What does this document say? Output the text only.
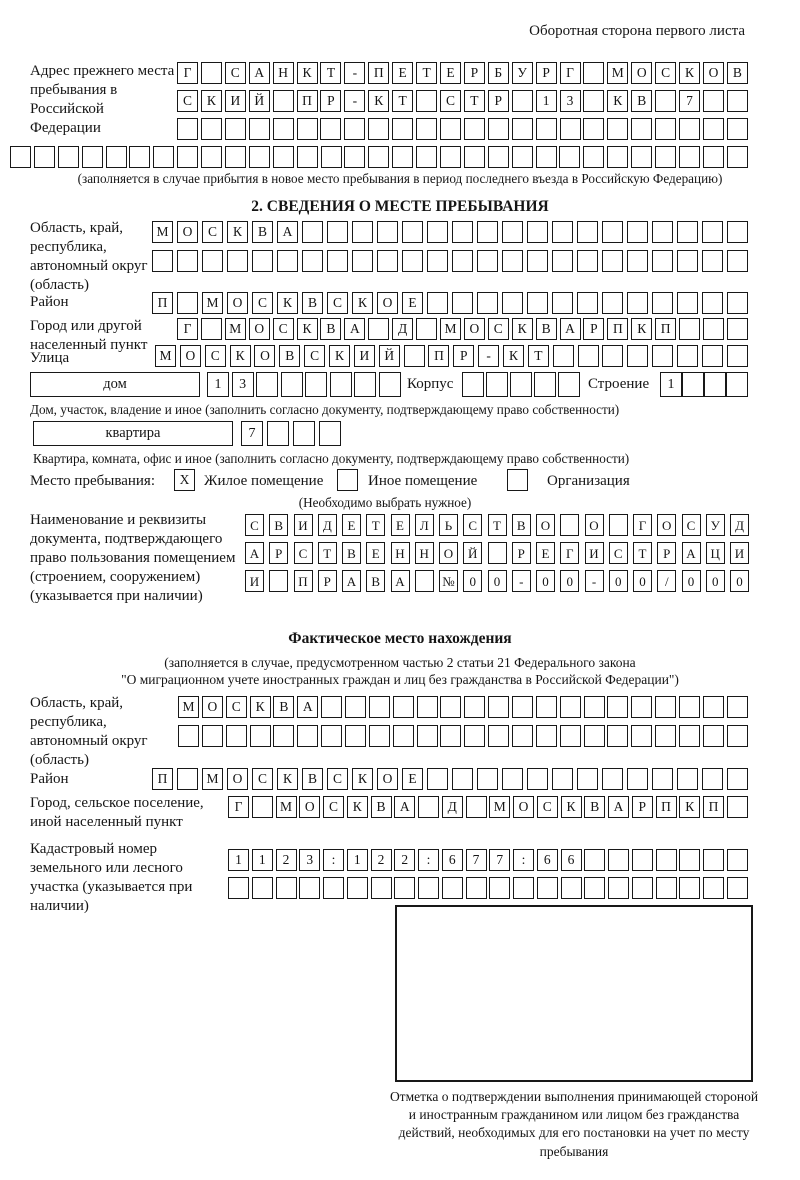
Оборотная сторона первого листа
Адрес прежнего места пребывания в Российской Федерации
Г	С	А	Н	К	Т	-	П	Е	Т	Е	Р	Б	У	Р	Г	М О	С	К	О	В
С	К	И	Й	П	Р	-	К	Т	С	Т	Р	1	3	К	В	7
(заполняется в случае прибытия в новое место пребывания в период последнего въезда в Российскую Федерацию)
2. СВЕДЕНИЯ О МЕСТЕ ПРЕБЫВАНИЯ
Область, край, республика, автономный округ (область)
М	О	С	К	В	А
Район	П	М	О	С	К	В	С	К	О	Е
Город или другой населенный пункт
Г	М О	С	К	В	А	Д	М О	С	К	В	А	Р	П	К	П
Улица	М	О	С	К	О	В	С	К	И	Й	П	Р	-	К	Т
дом	1	3	Корпус	Строение	1
Дом, участок, владение и иное (заполнить согласно документу, подтверждающему право собственности)
квартира	7
Квартира, комната, офис и иное (заполнить согласно документу, подтверждающему право собственности)
Место пребывания:	X Жилое помещение	Иное помещение	Организация
(Необходимо выбрать нужное)
Наименование и реквизиты документа, подтверждающего право пользования помещением (строением, сооружением) (указывается при наличии)
С	В	И	Д	Е	Т	Е	Л	Ь	С	Т	В	О	О	Г	О	С	У	Д
А	Р	С	Т	В	Е	Н	Н	О	Й	Р	Е	Г	И	С	Т	Р	А	Ц	И
И	П	Р	А	В	А	№	0	0	-	0	0	-	0	0	/	0	0	0
Фактическое место нахождения
(заполняется в случае, предусмотренном частью 2 статьи 21 Федерального закона
"О миграционном учете иностранных граждан и лиц без гражданства в Российской Федерации")
Область, край, республика, автономный округ (область)
М О	С	К	В	А
Район	П	М	О	С	К	В	С	К	О	Е
Город, сельское поселение, иной населенный пункт
Г	М О	С	К	В	А	Д	М О	С	К	В	А	Р	П	К	П
Кадастровый номер земельного или лесного участка (указывается при наличии)
1	1	2	3	:	1	2	2	:	6	7	7	:	6	6
Отметка о подтверждении выполнения принимающей стороной и иностранным гражданином или лицом без гражданства действий, необходимых для его постановки на учет по месту пребывания
